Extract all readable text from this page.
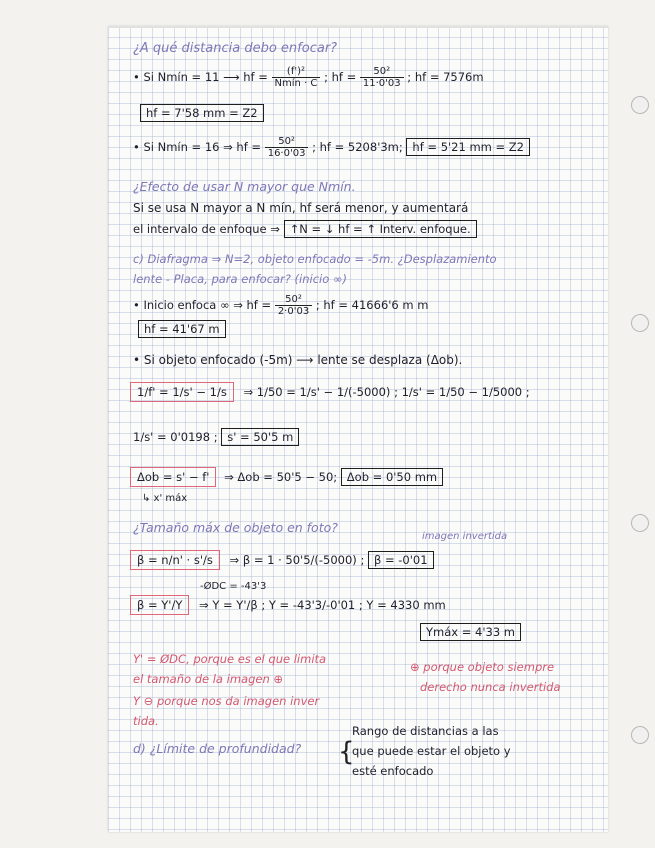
¿A qué distancia debo enfocar?
• Si Nmín = 11 ⟶ hf = $\frac{\text{(f')²}}{\text{Nmín · C}}$ ; hf = $\frac{\text{50²}}{11\cdot 0'03}$ ; hf = 7576m
hf = 7'58 mm = Z2
• Si Nmín = 16 ⇒ hf = $\frac{\text{50²}}{16\cdot 0'03}$ ; hf = 5208'3m; hf = 5'21 mm = Z2
¿Efecto de usar N mayor que Nmín.
Si se usa N mayor a N mín, hf será menor, y aumentará
el intervalo de enfoque ⇒ ↑N = ↓ hf = ↑ Interv. enfoque.
c) Diafragma ⇒ N=2, objeto enfocado = -5m. ¿Desplazamiento
lente - Placa, para enfocar? (inicio ∞)
• Inicio enfoca ∞ ⇒ hf = $\frac{\text{50²}}{2\cdot 0'03}$ ; hf = 41666'6 m m
hf = 41'67 m
• Si objeto enfocado (-5m) ⟶ lente se desplaza (Δob).
1/f' = 1/s' − 1/s ⇒ 1/50 = 1/s' − 1/(-5000) ; 1/s' = 1/50 − 1/5000 ;
1/s' = 0'0198 ; s' = 50'5 m
Δob = s' − f' ⇒ Δob = 50'5 − 50; Δob = 0'50 mm
↳ x' máx
¿Tamaño máx de objeto en foto?
imagen invertida
β = n/n' · s'/s ⇒ β = 1 · 50'5/(-5000) ; β = -0'01
-ØDC = -43'3
β = Y'/Y ⇒ Y = Y'/β ; Y = -43'3/-0'01 ; Y = 4330 mm
Ymáx = 4'33 m
Y' = ØDC, porque es el que limita
el tamaño de la imagen ⊕
Y ⊖ porque nos da imagen inver
tida.
⊕ porque objeto siempre
derecho nunca invertida
d) ¿Límite de profundidad? {
Rango de distancias a las
que puede estar el objeto y
esté enfocado
